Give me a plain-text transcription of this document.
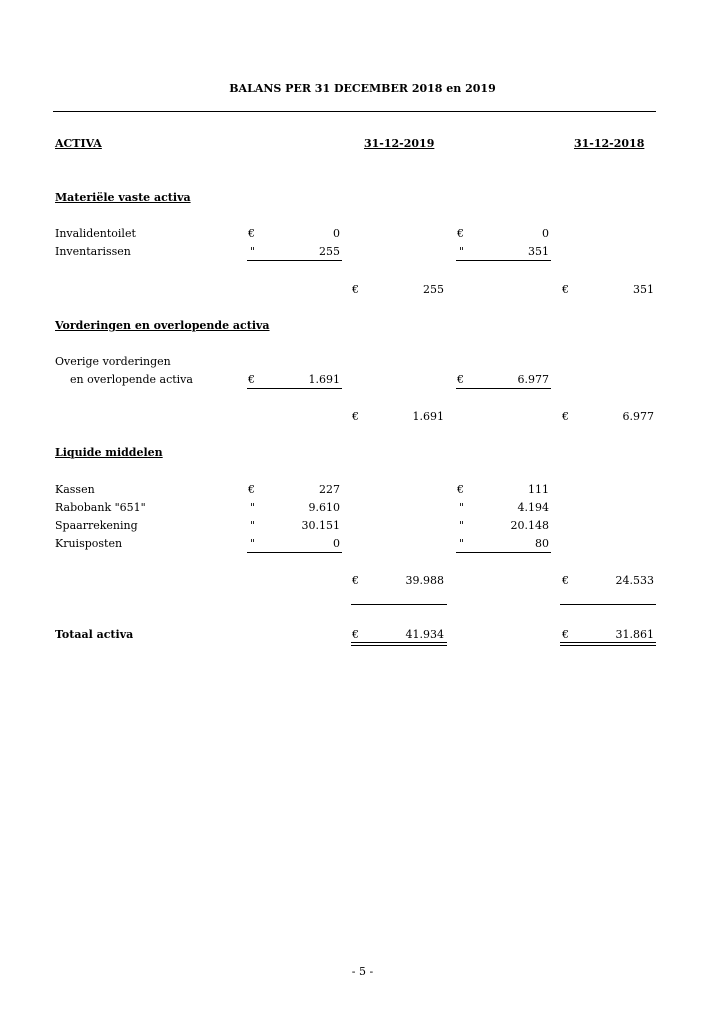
BALANS PER 31 DECEMBER 2018 en 2019
ACTIVA	31-12-2019	31-12-2018
Materiële vaste activa
Invalidentoilet	€	0	€	0
Inventarissen	"	255	"	351
€	255	€	351
Vorderingen en overlopende activa
Overige vorderingen
en overlopende activa	€	1.691	€	6.977
€	1.691	€	6.977
Liquide middelen
Kassen	€	227	€	111
Rabobank "651"	"	9.610	"	4.194
Spaarrekening	"	30.151	"	20.148
Kruisposten	"	0	"	80
€	39.988	€	24.533
Totaal activa	€	41.934	€	31.861
- 5 -
